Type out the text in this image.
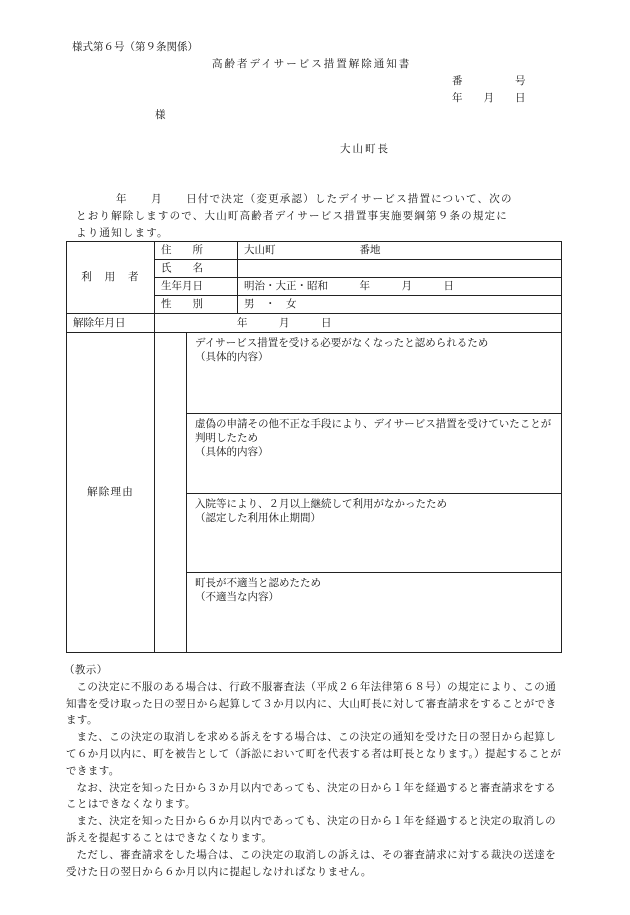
様式第６号（第９条関係）
高齢者デイサービス措置解除通知書
番　　　　　号
年　　月　　日
様
大山町長
年　　月　　日付で決定（変更承認）したデイサービス措置について、次の
とおり解除しますので、大山町高齢者デイサービス措置事実施要綱第９条の規定に
より通知します。
利　用　者	住　　所		大山町　　　　　　　　番地
	氏　　名		
	生年月日		明治・大正・昭和　　　年　　　月　　　日
	性　　別		男　・　女
解除年月日	年　　　月　　　日		
解除理由		デイサービス措置を受ける必要がなくなったと認められるため
（具体的内容）	

		虚偽の申請その他不正な手段により、デイサービス措置を受けていたことが判明したため
（具体的内容）	

		入院等により、２月以上継続して利用がなかったため
（認定した利用休止期間）	

		町長が不適当と認めたため
（不適当な内容）	

（教示）

この決定に不服のある場合は、行政不服審査法（平成２６年法律第６８号）の規定により、この通知書を受け取った日の翌日から起算して３か月以内に、大山町長に対して審査請求をすることができます。

また、この決定の取消しを求める訴えをする場合は、この決定の通知を受けた日の翌日から起算して６か月以内に、町を被告として（訴訟において町を代表する者は町長となります。）提起することができます。

なお、決定を知った日から３か月以内であっても、決定の日から１年を経過すると審査請求をすることはできなくなります。

また、決定を知った日から６か月以内であっても、決定の日から１年を経過すると決定の取消しの訴えを提起することはできなくなります。

ただし、審査請求をした場合は、この決定の取消しの訴えは、その審査請求に対する裁決の送達を受けた日の翌日から６か月以内に提起しなければなりません。
